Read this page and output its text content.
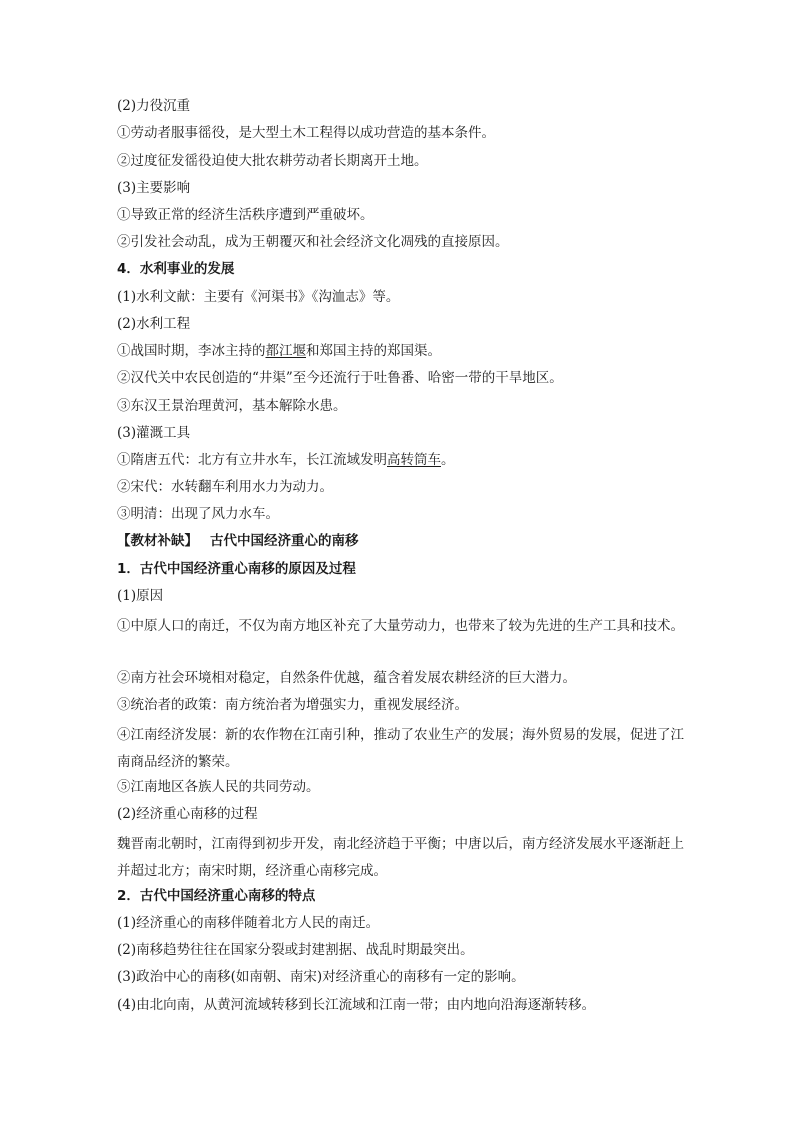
(2)力役沉重
①劳动者服事徭役，是大型土木工程得以成功营造的基本条件。
②过度征发徭役迫使大批农耕劳动者长期离开土地。
(3)主要影响
①导致正常的经济生活秩序遭到严重破坏。
②引发社会动乱，成为王朝覆灭和社会经济文化凋残的直接原因。
4．水利事业的发展
(1)水利文献：主要有《河渠书》《沟洫志》等。
(2)水利工程
①战国时期，李冰主持的都江堰和郑国主持的郑国渠。
②汉代关中农民创造的“井渠”至今还流行于吐鲁番、哈密一带的干旱地区。
③东汉王景治理黄河，基本解除水患。
(3)灌溉工具
①隋唐五代：北方有立井水车，长江流域发明高转筒车。
②宋代：水转翻车利用水力为动力。
③明清：出现了风力水车。
【教材补缺】 古代中国经济重心的南移
1．古代中国经济重心南移的原因及过程
(1)原因
①中原人口的南迁，不仅为南方地区补充了大量劳动力，也带来了较为先进的生产工具和技术。
②南方社会环境相对稳定，自然条件优越，蕴含着发展农耕经济的巨大潜力。
③统治者的政策：南方统治者为增强实力，重视发展经济。
④江南经济发展：新的农作物在江南引种，推动了农业生产的发展；海外贸易的发展，促进了江南商品经济的繁荣。
⑤江南地区各族人民的共同劳动。
(2)经济重心南移的过程
魏晋南北朝时，江南得到初步开发，南北经济趋于平衡；中唐以后，南方经济发展水平逐渐赶上并超过北方；南宋时期，经济重心南移完成。
2．古代中国经济重心南移的特点
(1)经济重心的南移伴随着北方人民的南迁。
(2)南移趋势往往在国家分裂或封建割据、战乱时期最突出。
(3)政治中心的南移(如南朝、南宋)对经济重心的南移有一定的影响。
(4)由北向南，从黄河流域转移到长江流域和江南一带；由内地向沿海逐渐转移。
